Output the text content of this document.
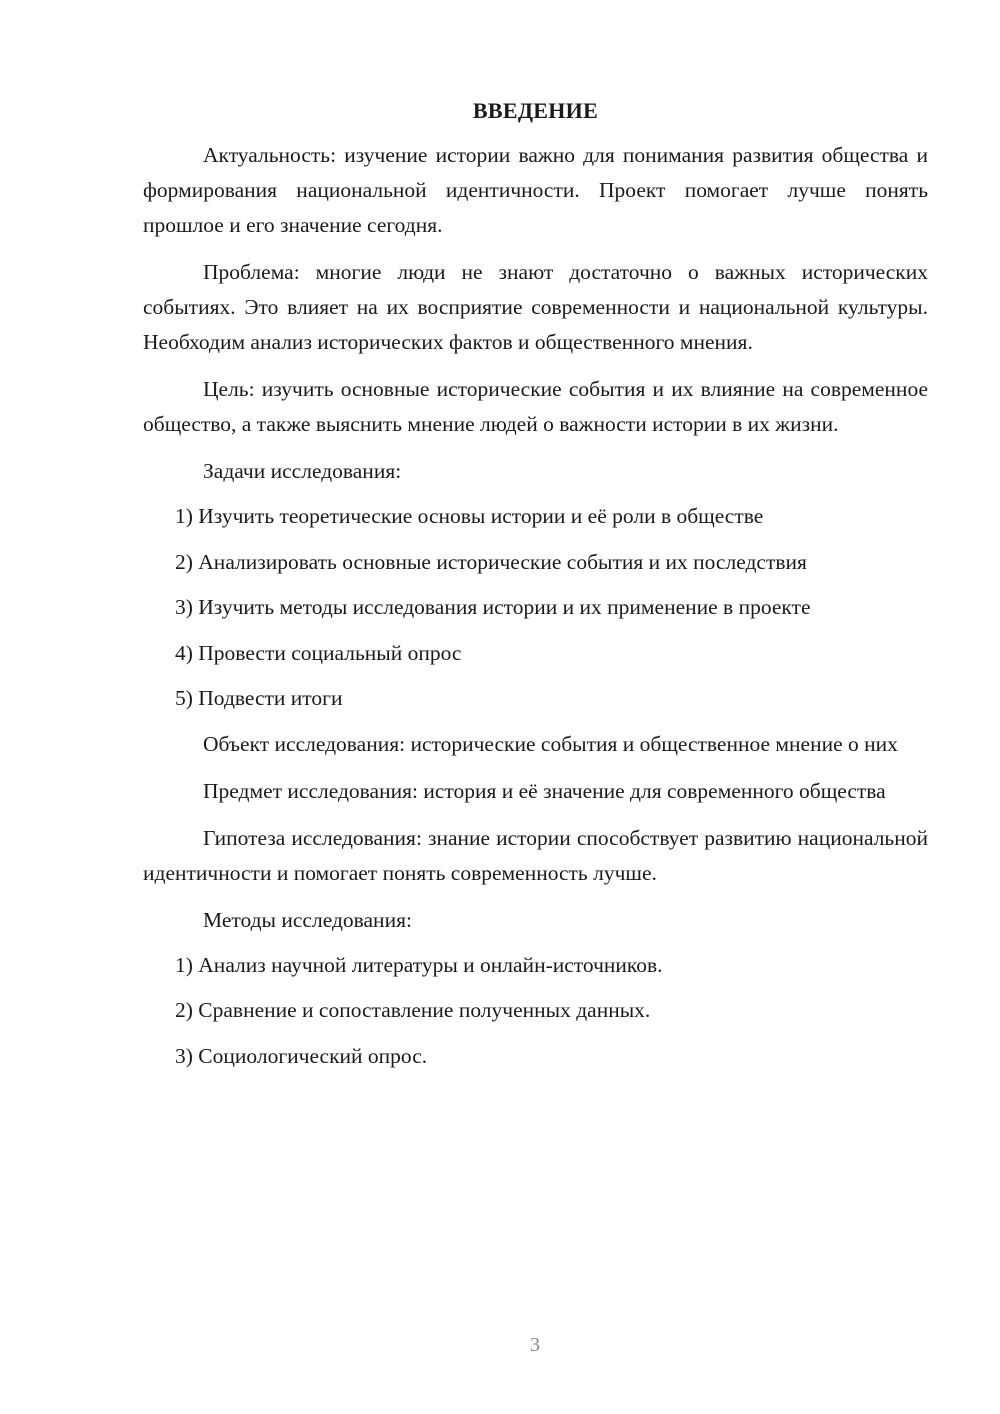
ВВЕДЕНИЕ

Актуальность: изучение истории важно для понимания развития общества и формирования национальной идентичности. Проект помогает лучше понять прошлое и его значение сегодня.

Проблема: многие люди не знают достаточно о важных исторических событиях. Это влияет на их восприятие современности и национальной культуры. Необходим анализ исторических фактов и общественного мнения.

Цель: изучить основные исторические события и их влияние на современное общество, а также выяснить мнение людей о важности истории в их жизни.

Задачи исследования:

1) Изучить теоретические основы истории и её роли в обществе
2) Анализировать основные исторические события и их последствия
3) Изучить методы исследования истории и их применение в проекте
4) Провести социальный опрос
5) Подвести итоги

Объект исследования: исторические события и общественное мнение о них

Предмет исследования: история и её значение для современного общества

Гипотеза исследования: знание истории способствует развитию национальной идентичности и помогает понять современность лучше.

Методы исследования:

1) Анализ научной литературы и онлайн-источников.
2) Сравнение и сопоставление полученных данных.
3) Социологический опрос.
3
